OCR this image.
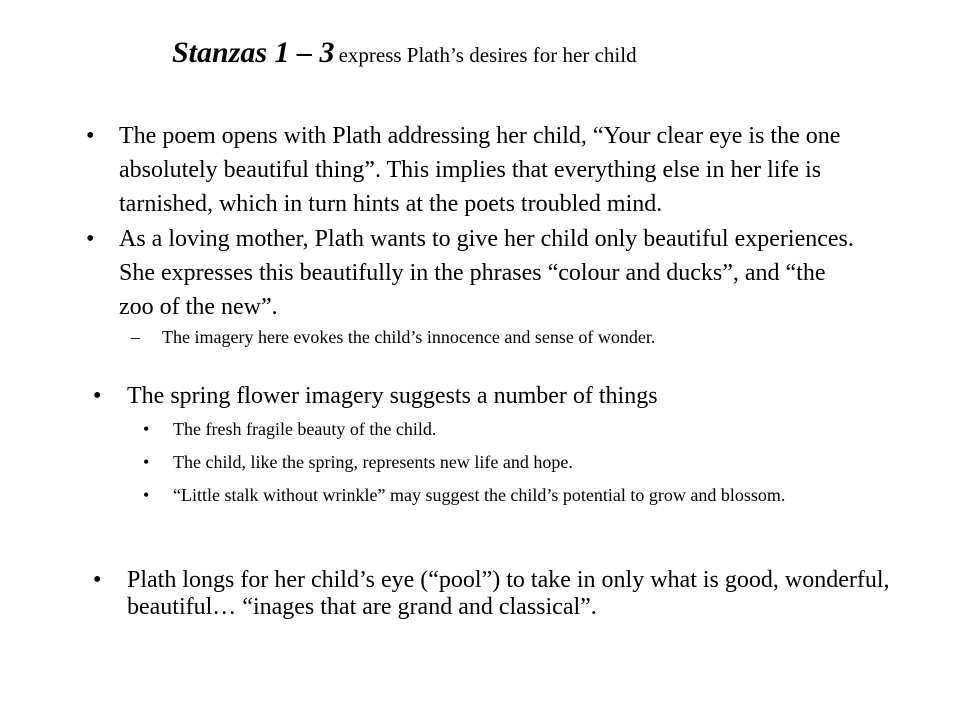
Stanzas 1 – 3 express Plath’s desires for her child
• The poem opens with Plath addressing her child, “Your clear eye is the one absolutely beautiful thing”. This implies that everything else in her life is tarnished, which in turn hints at the poets troubled mind.

• As a loving mother, Plath wants to give her child only beautiful experiences. She expresses this beautifully in the phrases “colour and ducks”, and “the zoo of the new”.

– The imagery here evokes the child’s innocence and sense of wonder.
• The spring flower imagery suggests a number of things

• The fresh fragile beauty of the child.

• The child, like the spring, represents new life and hope.

• “Little stalk without wrinkle” may suggest the child’s potential to grow and blossom.

• Plath longs for her child’s eye (“pool”) to take in only what is good, wonderful, beautiful… “inages that are grand and classical”.
